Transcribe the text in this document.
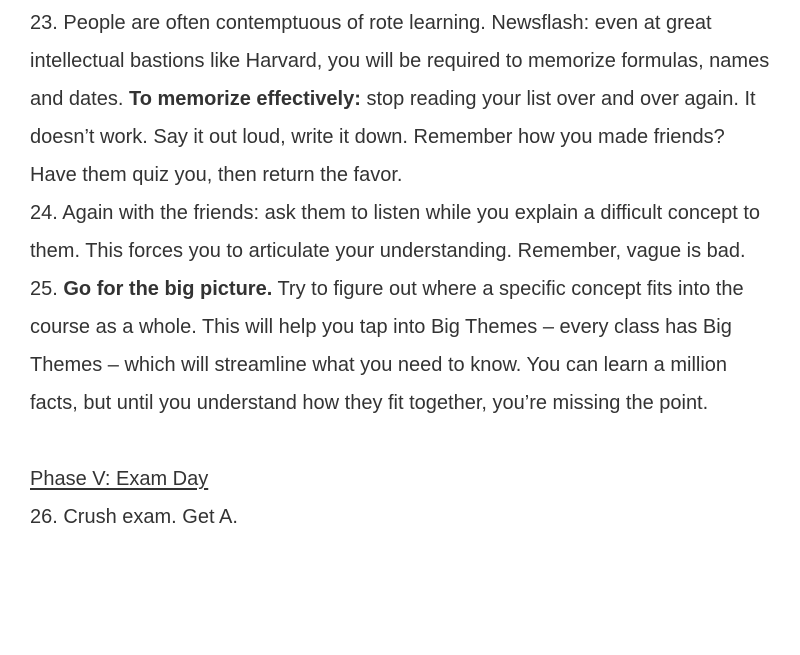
23. People are often contemptuous of rote learning. Newsflash: even at great intellectual bastions like Harvard, you will be required to memorize formulas, names and dates. To memorize effectively: stop reading your list over and over again. It doesn’t work. Say it out loud, write it down. Remember how you made friends? Have them quiz you, then return the favor.

24. Again with the friends: ask them to listen while you explain a difficult concept to them. This forces you to articulate your understanding. Remember, vague is bad.

25. Go for the big picture. Try to figure out where a specific concept fits into the course as a whole. This will help you tap into Big Themes – every class has Big Themes – which will streamline what you need to know. You can learn a million facts, but until you understand how they fit together, you’re missing the point.

Phase V: Exam Day

26. Crush exam. Get A.
